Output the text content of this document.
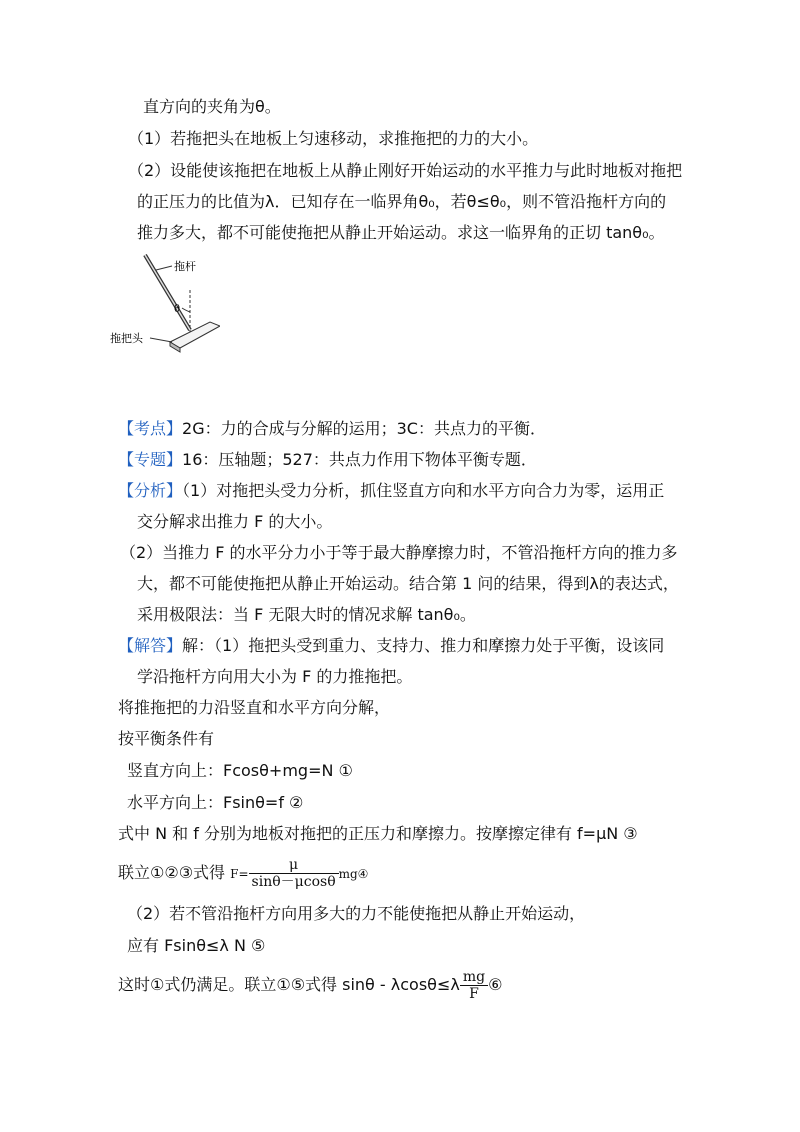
直方向的夹角为θ。
（1）若拖把头在地板上匀速移动，求推拖把的力的大小。
（2）设能使该拖把在地板上从静止刚好开始运动的水平推力与此时地板对拖把
的正压力的比值为λ．已知存在一临界角θ₀，若θ≤θ₀，则不管沿拖杆方向的
推力多大，都不可能使拖把从静止开始运动。求这一临界角的正切 tanθ₀。
拖杆
拖把头
θ
【考点】2G：力的合成与分解的运用；3C：共点力的平衡．
【专题】16：压轴题；527：共点力作用下物体平衡专题．
【分析】（1）对拖把头受力分析，抓住竖直方向和水平方向合力为零，运用正
交分解求出推力 F 的大小。
（2）当推力 F 的水平分力小于等于最大静摩擦力时，不管沿拖杆方向的推力多
大，都不可能使拖把从静止开始运动。结合第 1 问的结果，得到λ的表达式，
采用极限法：当 F 无限大时的情况求解 tanθ₀。
【解答】解：（1）拖把头受到重力、支持力、推力和摩擦力处于平衡，设该同
学沿拖杆方向用大小为 F 的力推拖把。
将推拖把的力沿竖直和水平方向分解，
按平衡条件有
竖直方向上：Fcosθ+mg=N ①
水平方向上：Fsinθ=f ②
式中 N 和 f 分别为地板对拖把的正压力和摩擦力。按摩擦定律有 f=μN ③
联立①②③式得 $F= \frac{\mu}{\sin\theta-\mu\cos\theta}$ mg④
（2）若不管沿拖杆方向用多大的力不能使拖把从静止开始运动，
应有 Fsinθ≤λ N ⑤
这时①式仍满足。联立①⑤式得 $\sin\theta - \lambda\cos\theta\le\lambda \frac{mg}{F}$ ⑥
